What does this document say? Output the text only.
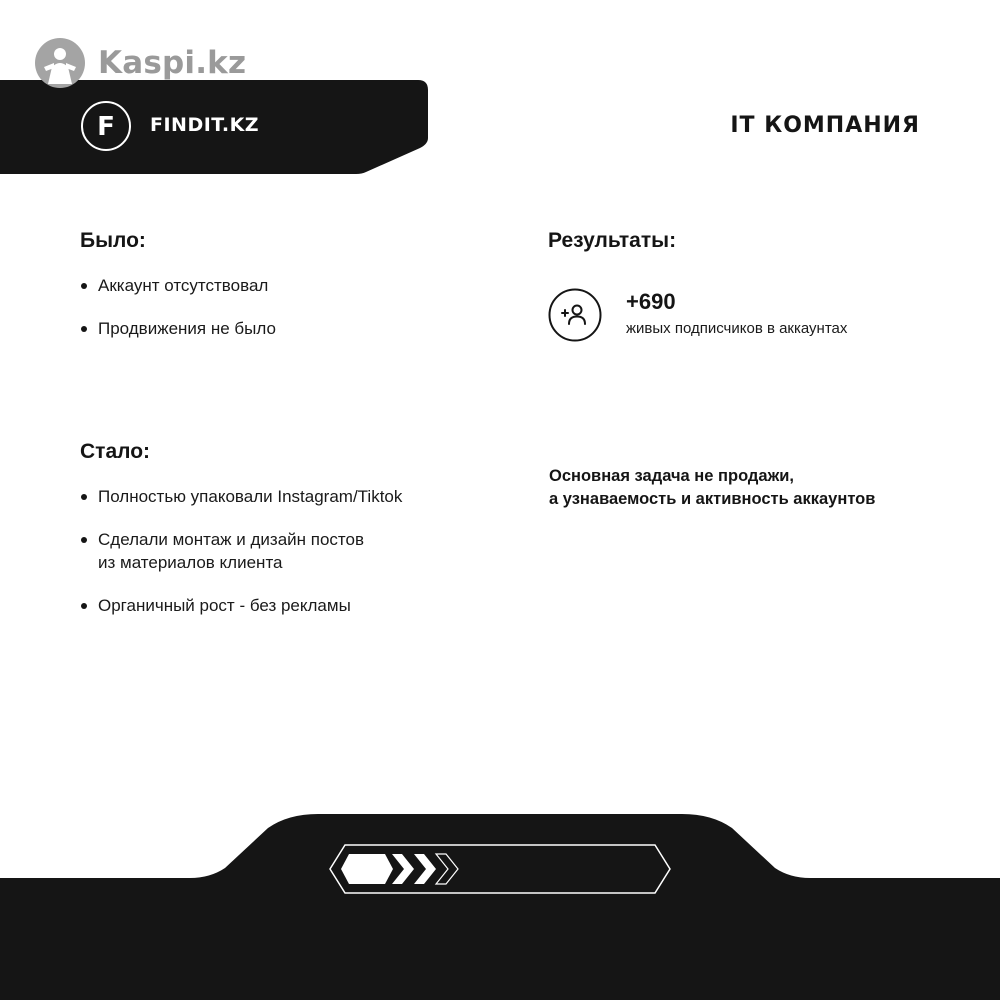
Kaspi.kz
F FINDIT.KZ	IT КОМПАНИЯ
Было:
Аккаунт отсутствовал
Продвижения не было
Стало:
Полностью упаковали Instagram/Tiktok
Сделали монтаж и дизайн постов
из материалов клиента
Органичный рост - без рекламы
Результаты:
+690
живых подписчиков в аккаунтах

Основная задача не продажи,
а узнаваемость и активность аккаунтов
